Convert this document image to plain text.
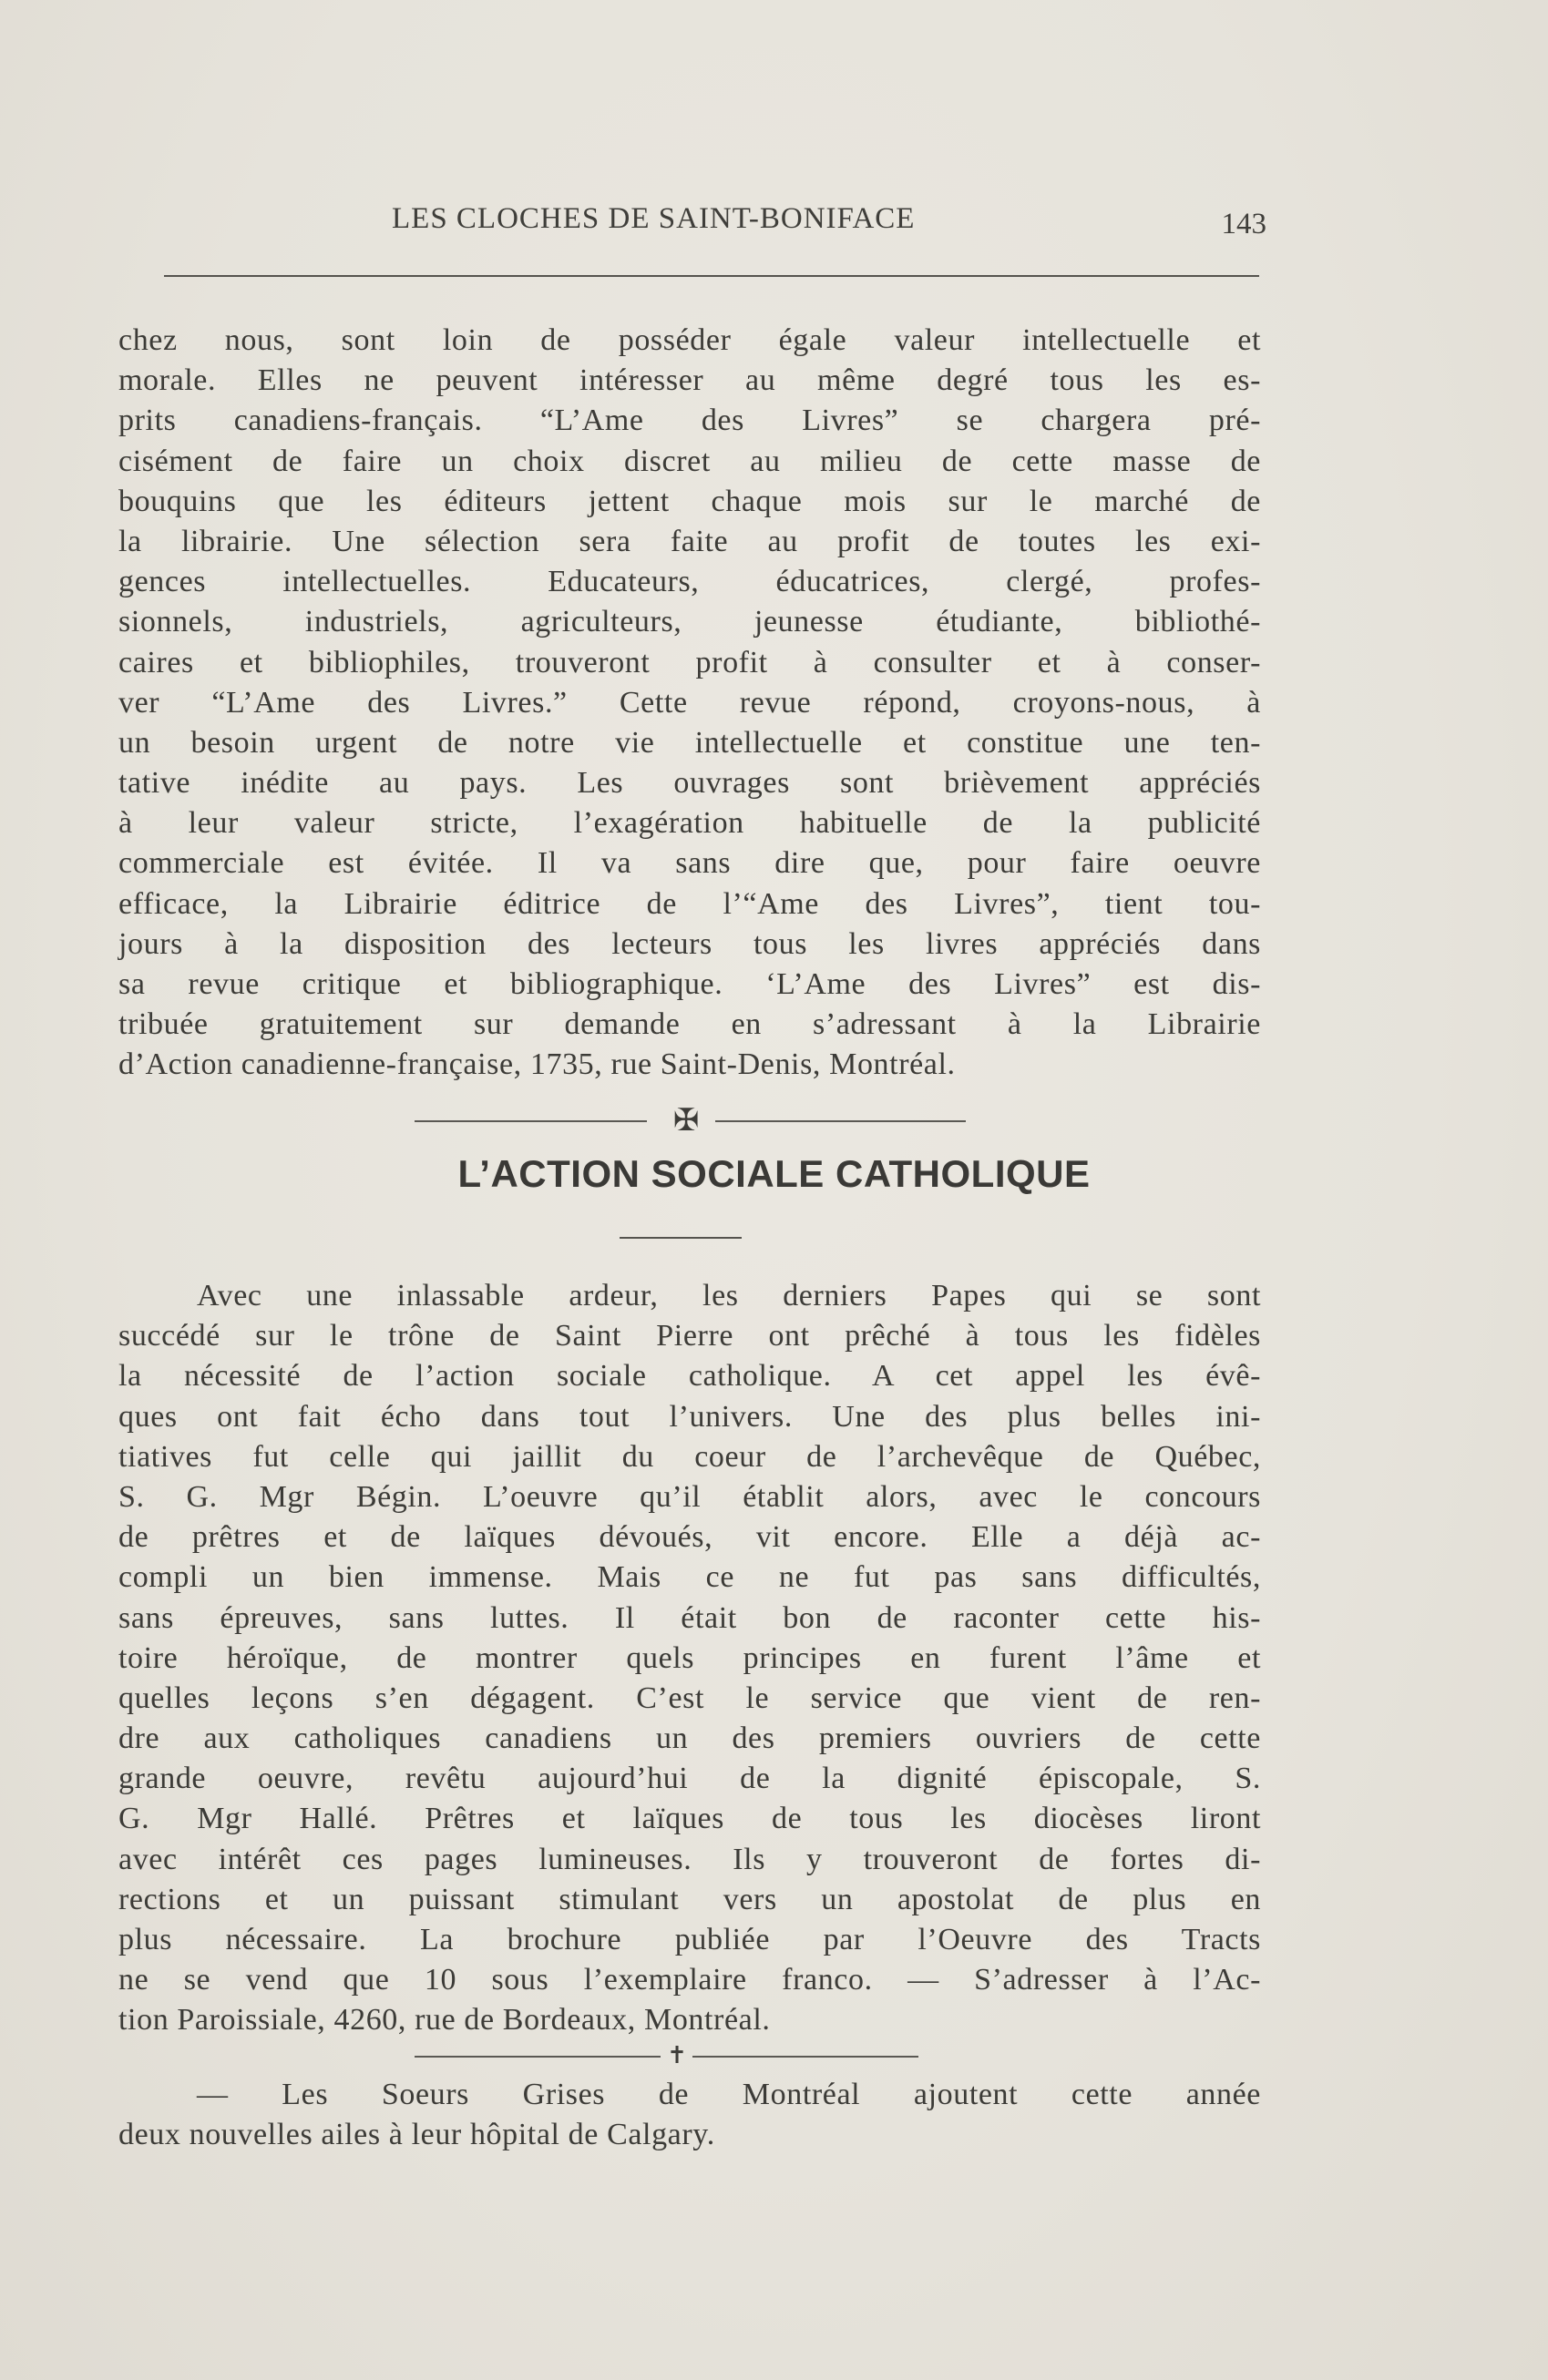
LES CLOCHES DE SAINT-BONIFACE	143
chez nous, sont loin de posséder égale valeur intellectuelle et
morale. Elles ne peuvent intéresser au même degré tous les es-
prits canadiens-français. “L’Ame des Livres” se chargera pré-
cisément de faire un choix discret au milieu de cette masse de
bouquins que les éditeurs jettent chaque mois sur le marché de
la librairie. Une sélection sera faite au profit de toutes les exi-
gences intellectuelles. Educateurs, éducatrices, clergé, profes-
sionnels, industriels, agriculteurs, jeunesse étudiante, bibliothé-
caires et bibliophiles, trouveront profit à consulter et à conser-
ver “L’Ame des Livres.” Cette revue répond, croyons-nous, à
un besoin urgent de notre vie intellectuelle et constitue une ten-
tative inédite au pays. Les ouvrages sont brièvement appréciés
à leur valeur stricte, l’exagération habituelle de la publicité
commerciale est évitée. Il va sans dire que, pour faire oeuvre
efficace, la Librairie éditrice de l’“Ame des Livres”, tient tou-
jours à la disposition des lecteurs tous les livres appréciés dans
sa revue critique et bibliographique. ‘L’Ame des Livres” est dis-
tribuée gratuitement sur demande en s’adressant à la Librairie
d’Action canadienne-française, 1735, rue Saint-Denis, Montréal.
✠
L’ACTION SOCIALE CATHOLIQUE
Avec une inlassable ardeur, les derniers Papes qui se sont
succédé sur le trône de Saint Pierre ont prêché à tous les fidèles
la nécessité de l’action sociale catholique. A cet appel les évê-
ques ont fait écho dans tout l’univers. Une des plus belles ini-
tiatives fut celle qui jaillit du coeur de l’archevêque de Québec,
S. G. Mgr Bégin. L’oeuvre qu’il établit alors, avec le concours
de prêtres et de laïques dévoués, vit encore. Elle a déjà ac-
compli un bien immense. Mais ce ne fut pas sans difficultés,
sans épreuves, sans luttes. Il était bon de raconter cette his-
toire héroïque, de montrer quels principes en furent l’âme et
quelles leçons s’en dégagent. C’est le service que vient de ren-
dre aux catholiques canadiens un des premiers ouvriers de cette
grande oeuvre, revêtu aujourd’hui de la dignité épiscopale, S.
G. Mgr Hallé. Prêtres et laïques de tous les diocèses liront
avec intérêt ces pages lumineuses. Ils y trouveront de fortes di-
rections et un puissant stimulant vers un apostolat de plus en
plus nécessaire. La brochure publiée par l’Oeuvre des Tracts
ne se vend que 10 sous l’exemplaire franco. — S’adresser à l’Ac-
tion Paroissiale, 4260, rue de Bordeaux, Montréal.
✝
— Les Soeurs Grises de Montréal ajoutent cette année
deux nouvelles ailes à leur hôpital de Calgary.
